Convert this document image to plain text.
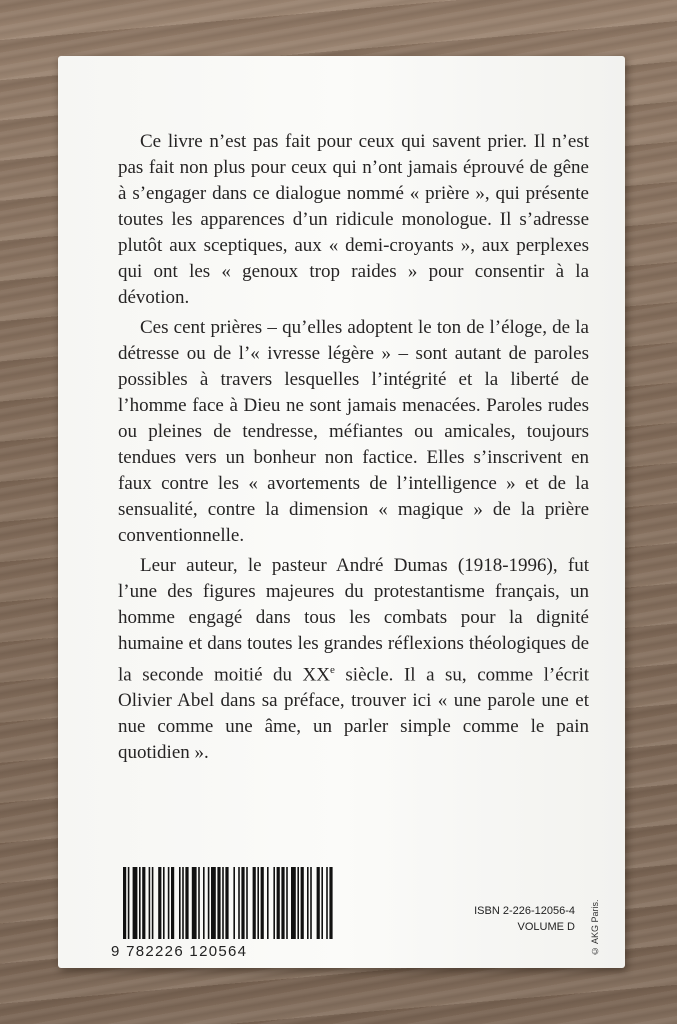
Ce livre n’est pas fait pour ceux qui savent prier. Il n’est pas fait non plus pour ceux qui n’ont jamais éprouvé de gêne à s’engager dans ce dialogue nommé « prière », qui présente toutes les apparences d’un ridicule monologue. Il s’adresse plutôt aux sceptiques, aux « demi-croyants », aux perplexes qui ont les « genoux trop raides » pour consentir à la dévotion.

Ces cent prières – qu’elles adoptent le ton de l’éloge, de la détresse ou de l’« ivresse légère » – sont autant de paroles possibles à travers lesquelles l’intégrité et la liberté de l’homme face à Dieu ne sont jamais menacées. Paroles rudes ou pleines de tendresse, méfiantes ou amicales, toujours tendues vers un bonheur non factice. Elles s’inscrivent en faux contre les « avortements de l’intelligence » et de la sensualité, contre la dimension « magique » de la prière conventionnelle.

Leur auteur, le pasteur André Dumas (1918-1996), fut l’une des figures majeures du protestantisme français, un homme engagé dans tous les combats pour la dignité humaine et dans toutes les grandes réflexions théologiques de la seconde moitié du XXe siècle. Il a su, comme l’écrit Olivier Abel dans sa préface, trouver ici « une parole une et nue comme une âme, un parler simple comme le pain quotidien ».

9 782226 120564
ISBN 2-226-12056-4
VOLUME D © AKG Paris.
